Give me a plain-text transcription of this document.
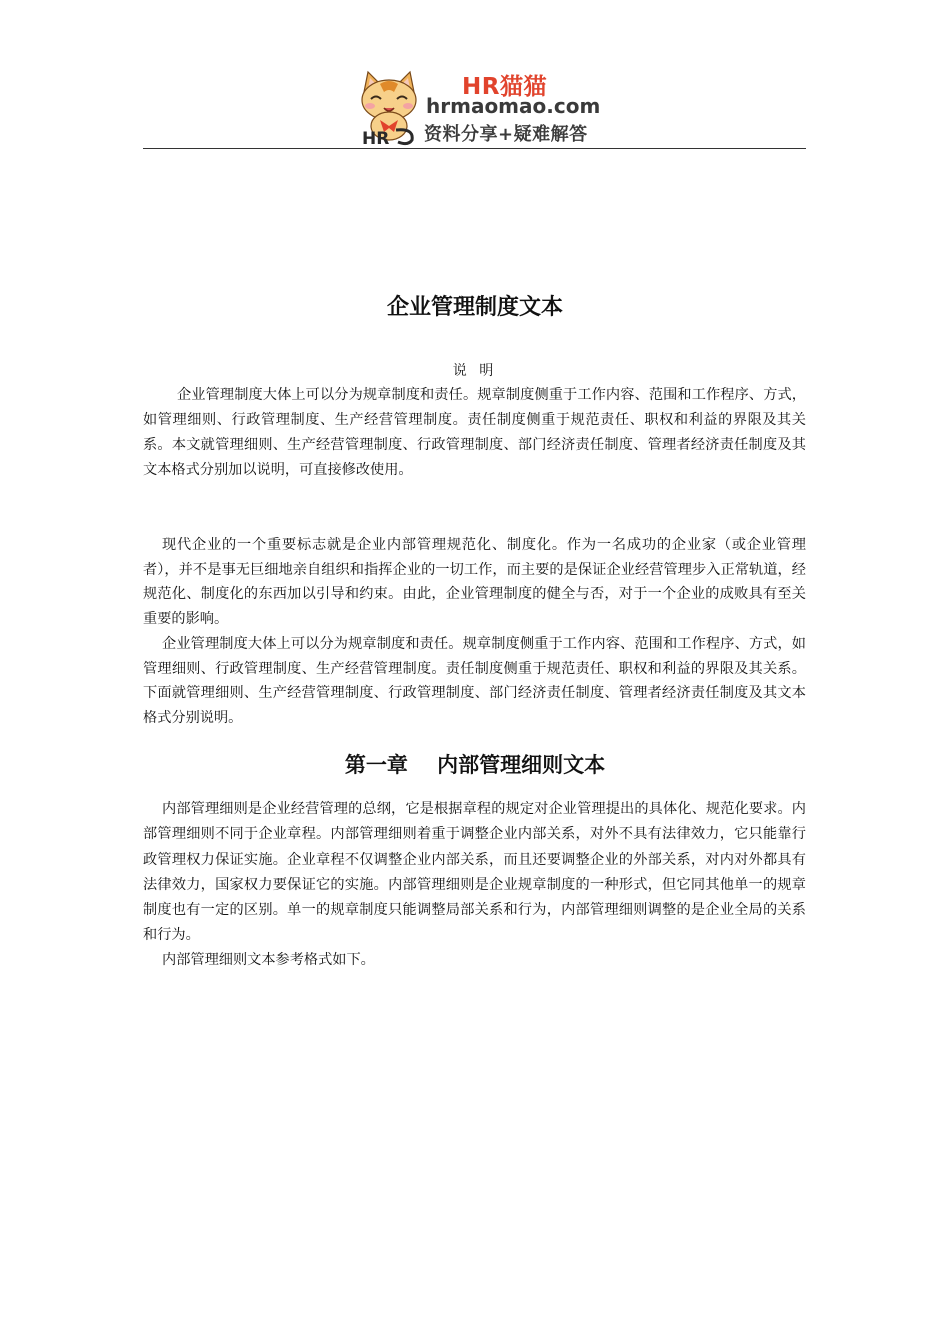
HR
HR猫猫
hrmaomao.com
资料分享+疑难解答
企业管理制度文本
说 明

企业管理制度大体上可以分为规章制度和责任。规章制度侧重于工作内容、范围和工作程序、方式，如管理细则、行政管理制度、生产经营管理制度。责任制度侧重于规范责任、职权和利益的界限及其关系。本文就管理细则、生产经营管理制度、行政管理制度、部门经济责任制度、管理者经济责任制度及其文本格式分别加以说明，可直接修改使用。

现代企业的一个重要标志就是企业内部管理规范化、制度化。作为一名成功的企业家（或企业管理者），并不是事无巨细地亲自组织和指挥企业的一切工作，而主要的是保证企业经营管理步入正常轨道，经规范化、制度化的东西加以引导和约束。由此，企业管理制度的健全与否，对于一个企业的成败具有至关重要的影响。

企业管理制度大体上可以分为规章制度和责任。规章制度侧重于工作内容、范围和工作程序、方式，如管理细则、行政管理制度、生产经营管理制度。责任制度侧重于规范责任、职权和利益的界限及其关系。下面就管理细则、生产经营管理制度、行政管理制度、部门经济责任制度、管理者经济责任制度及其文本格式分别说明。

第一章    内部管理细则文本

内部管理细则是企业经营管理的总纲，它是根据章程的规定对企业管理提出的具体化、规范化要求。内部管理细则不同于企业章程。内部管理细则着重于调整企业内部关系，对外不具有法律效力，它只能靠行政管理权力保证实施。企业章程不仅调整企业内部关系，而且还要调整企业的外部关系，对内对外都具有法律效力，国家权力要保证它的实施。内部管理细则是企业规章制度的一种形式，但它同其他单一的规章制度也有一定的区别。单一的规章制度只能调整局部关系和行为，内部管理细则调整的是企业全局的关系和行为。

内部管理细则文本参考格式如下。
